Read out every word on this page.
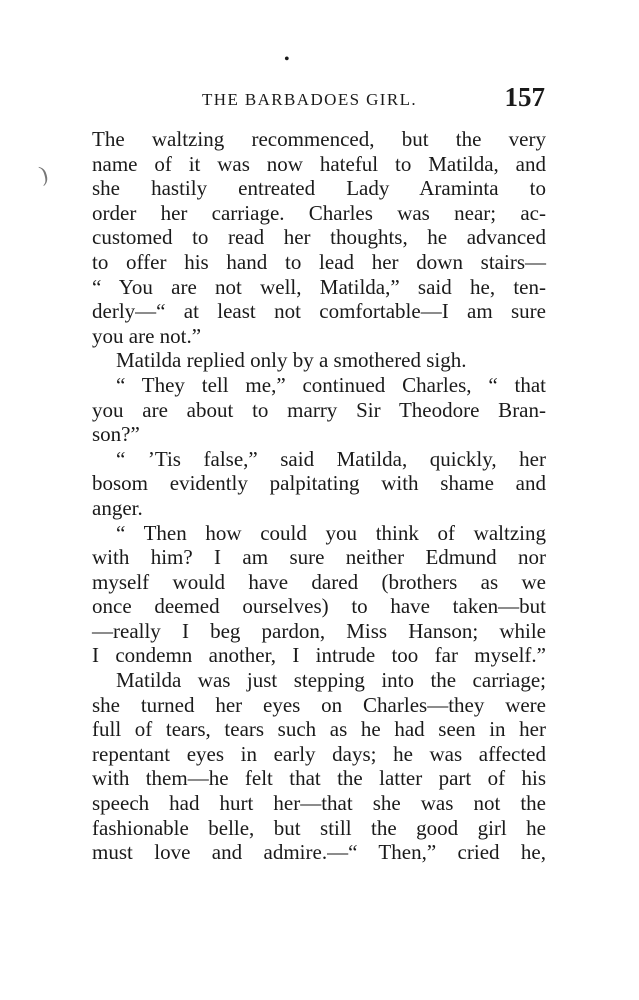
•
THE BARBADOES GIRL.	157
)
The waltzing recommenced, but the very
name of it was now hateful to Matilda, and
she hastily entreated Lady Araminta to
order her carriage. Charles was near; ac-
customed to read her thoughts, he advanced
to offer his hand to lead her down stairs—
“ You are not well, Matilda,” said he, ten-
derly—“ at least not comfortable—I am sure
you are not.”
Matilda replied only by a smothered sigh.
“ They tell me,” continued Charles, “ that
you are about to marry Sir Theodore Bran-
son?”
“ ’Tis false,” said Matilda, quickly, her
bosom evidently palpitating with shame and
anger.
“ Then how could you think of waltzing
with him? I am sure neither Edmund nor
myself would have dared (brothers as we
once deemed ourselves) to have taken—but
—really I beg pardon, Miss Hanson; while
I condemn another, I intrude too far myself.”
Matilda was just stepping into the carriage;
she turned her eyes on Charles—they were
full of tears, tears such as he had seen in her
repentant eyes in early days; he was affected
with them—he felt that the latter part of his
speech had hurt her—that she was not the
fashionable belle, but still the good girl he
must love and admire.—“ Then,” cried he,
